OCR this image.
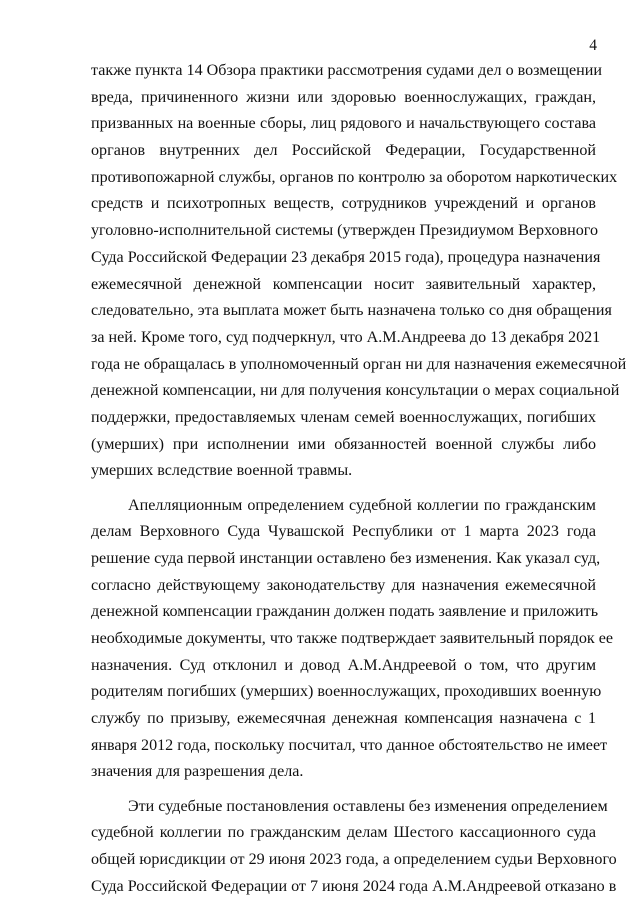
4
также пункта 14 Обзора практики рассмотрения судами дел о возмещении
вреда, причиненного жизни или здоровью военнослужащих, граждан,
призванных на военные сборы, лиц рядового и начальствующего состава
органов внутренних дел Российской Федерации, Государственной
противопожарной службы, органов по контролю за оборотом наркотических
средств и психотропных веществ, сотрудников учреждений и органов
уголовно-исполнительной системы (утвержден Президиумом Верховного
Суда Российской Федерации 23 декабря 2015 года), процедура назначения
ежемесячной денежной компенсации носит заявительный характер,
следовательно, эта выплата может быть назначена только со дня обращения
за ней. Кроме того, суд подчеркнул, что А.М.Андреева до 13 декабря 2021
года не обращалась в уполномоченный орган ни для назначения ежемесячной
денежной компенсации, ни для получения консультации о мерах социальной
поддержки, предоставляемых членам семей военнослужащих, погибших
(умерших) при исполнении ими обязанностей военной службы либо
умерших вследствие военной травмы.
Апелляционным определением судебной коллегии по гражданским
делам Верховного Суда Чувашской Республики от 1 марта 2023 года
решение суда первой инстанции оставлено без изменения. Как указал суд,
согласно действующему законодательству для назначения ежемесячной
денежной компенсации гражданин должен подать заявление и приложить
необходимые документы, что также подтверждает заявительный порядок ее
назначения. Суд отклонил и довод А.М.Андреевой о том, что другим
родителям погибших (умерших) военнослужащих, проходивших военную
службу по призыву, ежемесячная денежная компенсация назначена с 1
января 2012 года, поскольку посчитал, что данное обстоятельство не имеет
значения для разрешения дела.
Эти судебные постановления оставлены без изменения определением
судебной коллегии по гражданским делам Шестого кассационного суда
общей юрисдикции от 29 июня 2023 года, а определением судьи Верховного
Суда Российской Федерации от 7 июня 2024 года А.М.Андреевой отказано в
